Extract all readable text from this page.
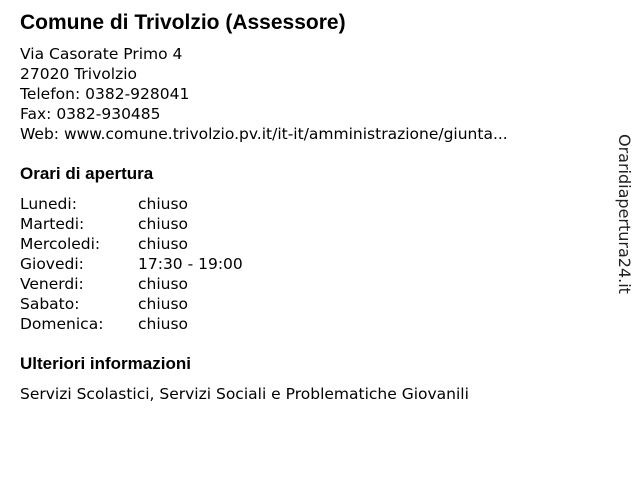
Comune di Trivolzio (Assessore)
Via Casorate Primo 4
27020 Trivolzio
Telefon: 0382-928041
Fax: 0382-930485
Web: www.comune.trivolzio.pv.it/it-it/amministrazione/giunta...
Orari di apertura
Lunedi:	chiuso
Martedi:	chiuso
Mercoledi:	chiuso
Giovedi:	17:30 - 19:00
Venerdi:	chiuso
Sabato:	chiuso
Domenica:	chiuso
Ulteriori informazioni
Servizi Scolastici, Servizi Sociali e Problematiche Giovanili
Oraridiapertura24.it
